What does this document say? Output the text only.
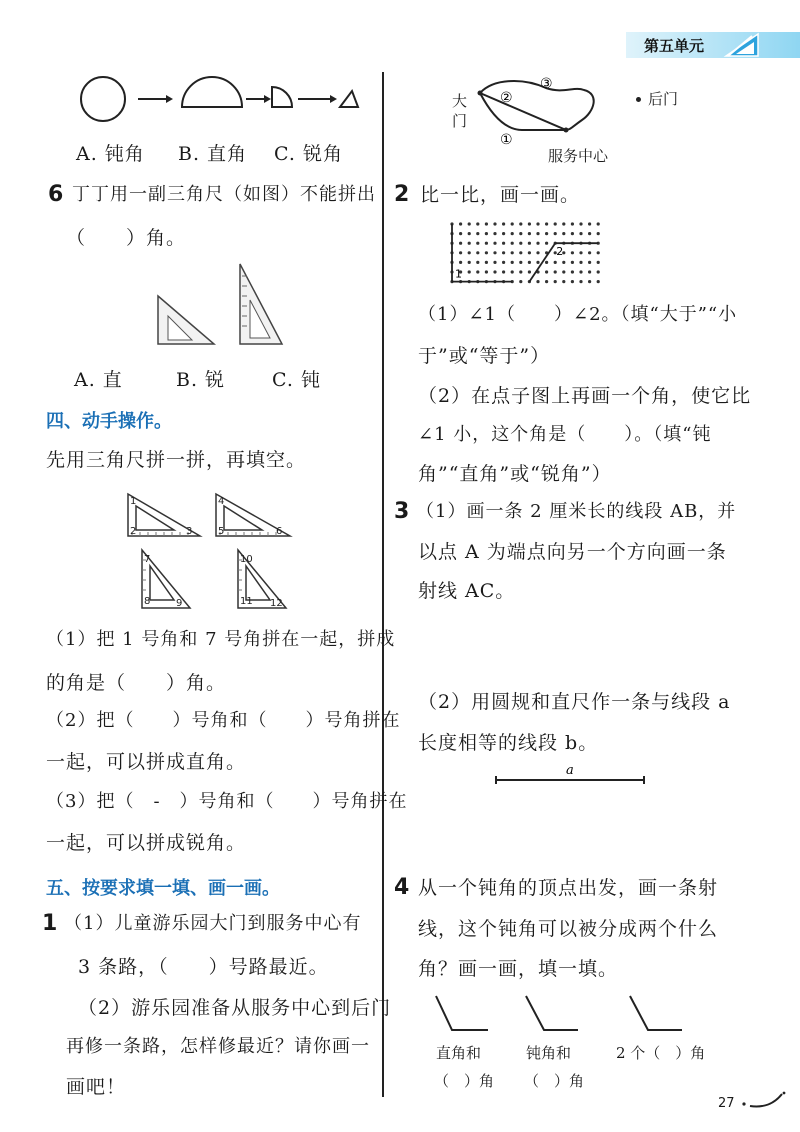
第五单元
A. 钝角 B. 直角 C. 锐角
6 丁丁用一副三角尺（如图）不能拼出
（　　）角。
A. 直	B. 锐 C. 钝
四、动手操作。
先用三角尺拼一拼，再填空。
1
2	3
4
5	6
7
8	9
10
11 12
（1）把 1 号角和 7 号角拼在一起，拼成
的角是（　　）角。
（2）把（　　）号角和（　　）号角拼在
一起，可以拼成直角。
（3）把（　-　）号角和（　　）号角拼在
一起，可以拼成锐角。
五、按要求填一填、画一画。
1 （1）儿童游乐园大门到服务中心有
3 条路，（　　）号路最近。
（2）游乐园准备从服务中心到后门
再修一条路，怎样修最近？请你画一
画吧！
大
门
③
②
①
后门
服务中心
2 比一比，画一画。
1
2
（1）∠1（　　）∠2。（填“大于”“小
于”或“等于”）
（2）在点子图上再画一个角，使它比
∠1 小，这个角是（　　）。（填“钝
角”“直角”或“锐角”）
3 （1）画一条 2 厘米长的线段 AB，并
以点 A 为端点向另一个方向画一条
射线 AC。
（2）用圆规和直尺作一条与线段 a
长度相等的线段 b。
a
4 从一个钝角的顶点出发，画一条射
线，这个钝角可以被分成两个什么
角？画一画，填一填。
直角和
（　）角
钝角和
（　）角
2 个（　）角
27
